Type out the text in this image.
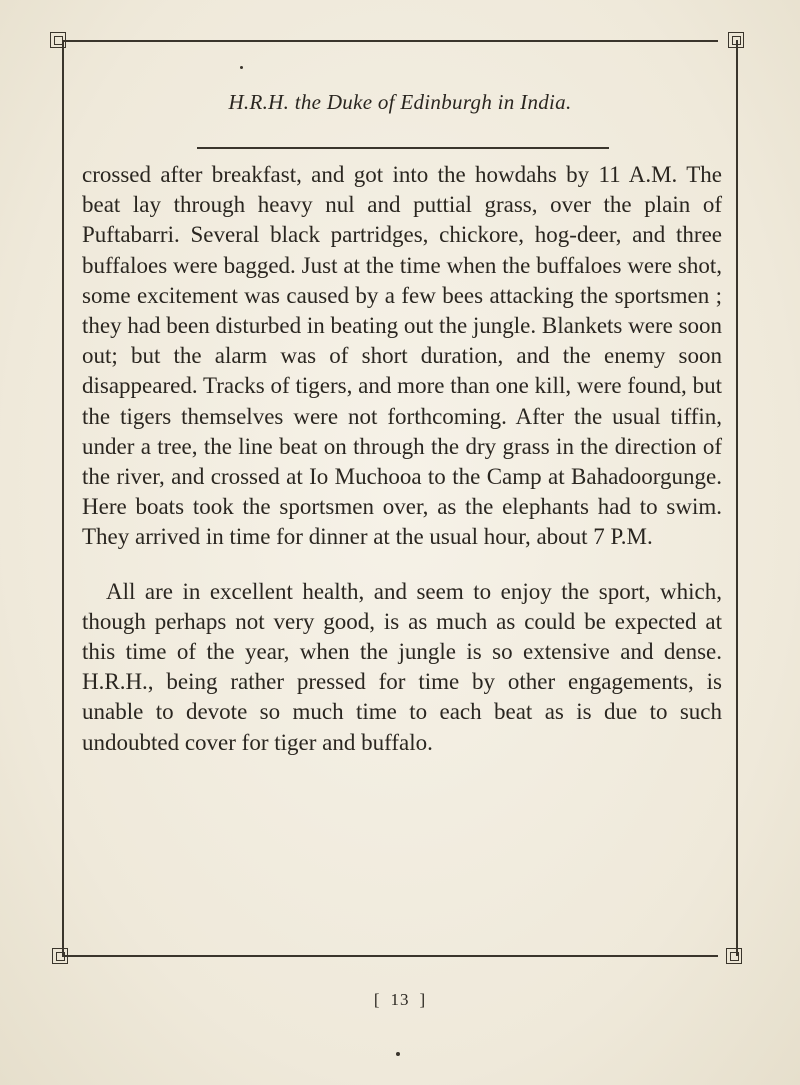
H.R.H. the Duke of Edinburgh in India.

crossed after breakfast, and got into the howdahs by 11 A.M. The beat lay through heavy nul and puttial grass, over the plain of Puftabarri. Several black partridges, chickore, hog-deer, and three buffaloes were bagged. Just at the time when the buffaloes were shot, some excitement was caused by a few bees attacking the sportsmen ; they had been disturbed in beating out the jungle. Blankets were soon out; but the alarm was of short duration, and the enemy soon disappeared. Tracks of tigers, and more than one kill, were found, but the tigers themselves were not forthcoming. After the usual tiffin, under a tree, the line beat on through the dry grass in the direction of the river, and crossed at Io Muchooa to the Camp at Bahadoorgunge. Here boats took the sportsmen over, as the elephants had to swim. They arrived in time for dinner at the usual hour, about 7 P.M.

All are in excellent health, and seem to enjoy the sport, which, though perhaps not very good, is as much as could be expected at this time of the year, when the jungle is so extensive and dense. H.R.H., being rather pressed for time by other engagements, is unable to devote so much time to each beat as is due to such undoubted cover for tiger and buffalo.

[ 13 ]
